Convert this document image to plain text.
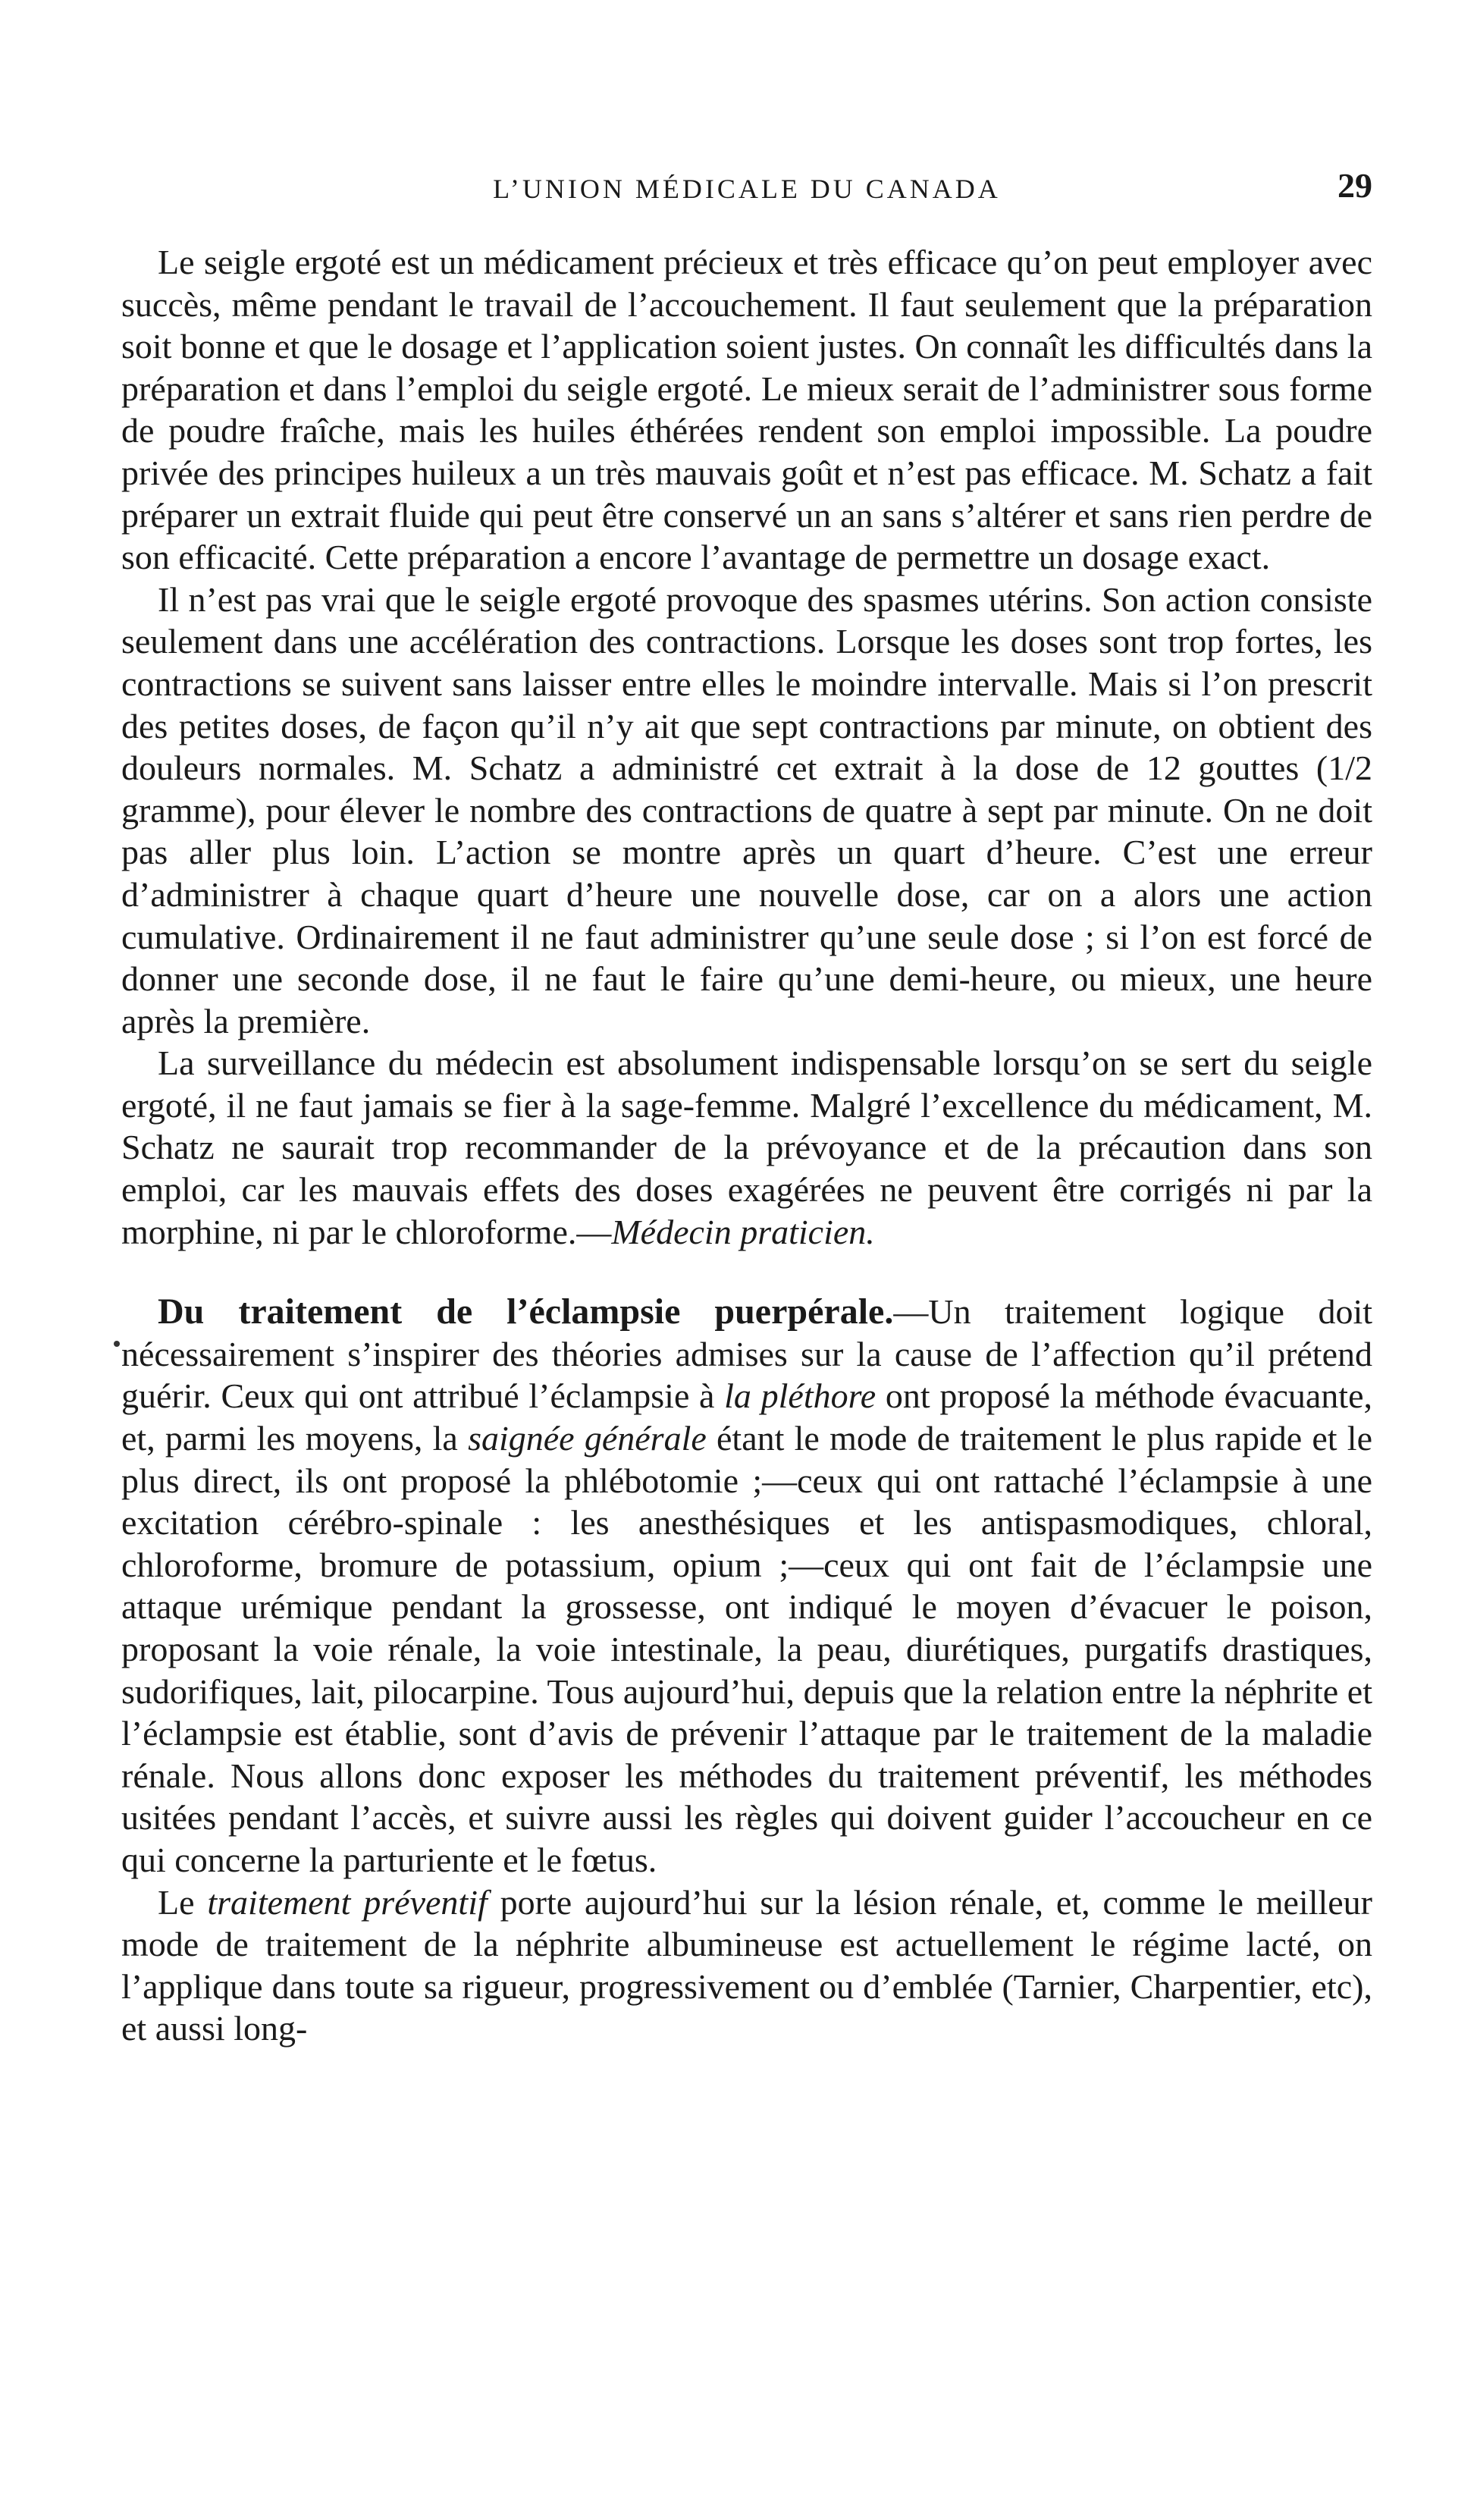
L’UNION MÉDICALE DU CANADA	29

Le seigle ergoté est un médicament précieux et très efficace qu’on peut employer avec succès, même pendant le travail de l’accouchement. Il faut seulement que la préparation soit bonne et que le dosage et l’application soient justes. On connaît les difficultés dans la préparation et dans l’emploi du seigle ergoté. Le mieux serait de l’administrer sous forme de poudre fraîche, mais les huiles éthérées rendent son emploi impossible. La poudre privée des principes huileux a un très mauvais goût et n’est pas efficace. M. Schatz a fait préparer un extrait fluide qui peut être conservé un an sans s’altérer et sans rien perdre de son efficacité. Cette préparation a encore l’avantage de permettre un dosage exact.

Il n’est pas vrai que le seigle ergoté provoque des spasmes utérins. Son action consiste seulement dans une accélération des contractions. Lorsque les doses sont trop fortes, les contractions se suivent sans laisser entre elles le moindre intervalle. Mais si l’on prescrit des petites doses, de façon qu’il n’y ait que sept contractions par minute, on obtient des douleurs normales. M. Schatz a administré cet extrait à la dose de 12 gouttes (1/2 gramme), pour élever le nombre des contractions de quatre à sept par minute. On ne doit pas aller plus loin. L’action se montre après un quart d’heure. C’est une erreur d’administrer à chaque quart d’heure une nouvelle dose, car on a alors une action cumulative. Ordinairement il ne faut administrer qu’une seule dose ; si l’on est forcé de donner une seconde dose, il ne faut le faire qu’une demi-heure, ou mieux, une heure après la première.

La surveillance du médecin est absolument indispensable lorsqu’on se sert du seigle ergoté, il ne faut jamais se fier à la sage-femme. Malgré l’excellence du médicament, M. Schatz ne saurait trop recommander de la prévoyance et de la précaution dans son emploi, car les mauvais effets des doses exagérées ne peuvent être corrigés ni par la morphine, ni par le chloroforme.—Médecin praticien.

Du traitement de l’éclampsie puerpérale.—Un traitement logique doit nécessairement s’inspirer des théories admises sur la cause de l’affection qu’il prétend guérir. Ceux qui ont attribué l’éclampsie à la pléthore ont proposé la méthode évacuante, et, parmi les moyens, la saignée générale étant le mode de traitement le plus rapide et le plus direct, ils ont proposé la phlébotomie ;—ceux qui ont rattaché l’éclampsie à une excitation cérébro-spinale : les anesthésiques et les antispasmodiques, chloral, chloroforme, bromure de potassium, opium ;—ceux qui ont fait de l’éclampsie une attaque urémique pendant la grossesse, ont indiqué le moyen d’évacuer le poison, proposant la voie rénale, la voie intestinale, la peau, diurétiques, purgatifs drastiques, sudorifiques, lait, pilocarpine. Tous aujourd’hui, depuis que la relation entre la néphrite et l’éclampsie est établie, sont d’avis de prévenir l’attaque par le traitement de la maladie rénale. Nous allons donc exposer les méthodes du traitement préventif, les méthodes usitées pendant l’accès, et suivre aussi les règles qui doivent guider l’accoucheur en ce qui concerne la parturiente et le fœtus.

Le traitement préventif porte aujourd’hui sur la lésion rénale, et, comme le meilleur mode de traitement de la néphrite albumineuse est actuellement le régime lacté, on l’applique dans toute sa rigueur, progressivement ou d’emblée (Tarnier, Charpentier, etc), et aussi long-
